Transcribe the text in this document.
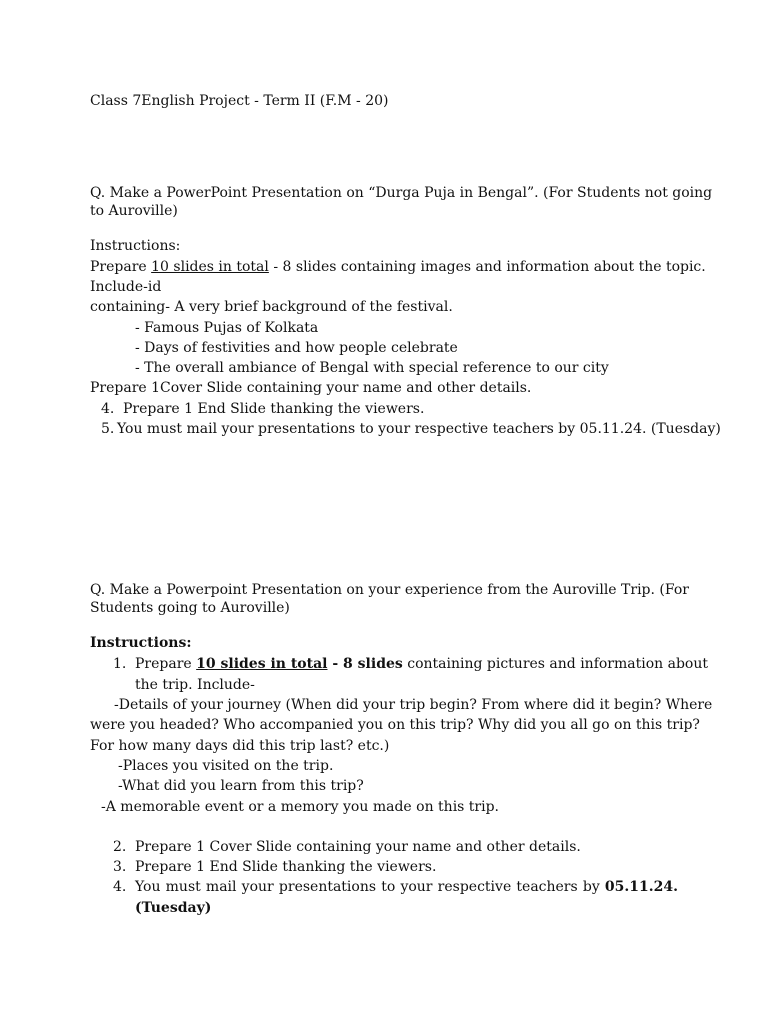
Class 7English Project - Term II (F.M - 20)
Q. Make a PowerPoint Presentation on “Durga Puja in Bengal”. (For Students not going
to Auroville)
Instructions:
Prepare 10 slides in total - 8 slides containing images and information about the topic.
Include-id
containing- A very brief background of the festival.
- Famous Pujas of Kolkata
- Days of festivities and how people celebrate
- The overall ambiance of Bengal with special reference to our city
Prepare 1Cover Slide containing your name and other details.
4. Prepare 1 End Slide thanking the viewers.
5. You must mail your presentations to your respective teachers by 05.11.24. (Tuesday)
Q. Make a Powerpoint Presentation on your experience from the Auroville Trip. (For
Students going to Auroville)
Instructions:
1. Prepare 10 slides in total - 8 slides containing pictures and information about
the trip. Include-
-Details of your journey (When did your trip begin? From where did it begin? Where
were you headed? Who accompanied you on this trip? Why did you all go on this trip?
For how many days did this trip last? etc.)
-Places you visited on the trip.
-What did you learn from this trip?
-A memorable event or a memory you made on this trip.
2. Prepare 1 Cover Slide containing your name and other details.
3. Prepare 1 End Slide thanking the viewers.
4. You must mail your presentations to your respective teachers by 05.11.24.
(Tuesday)
